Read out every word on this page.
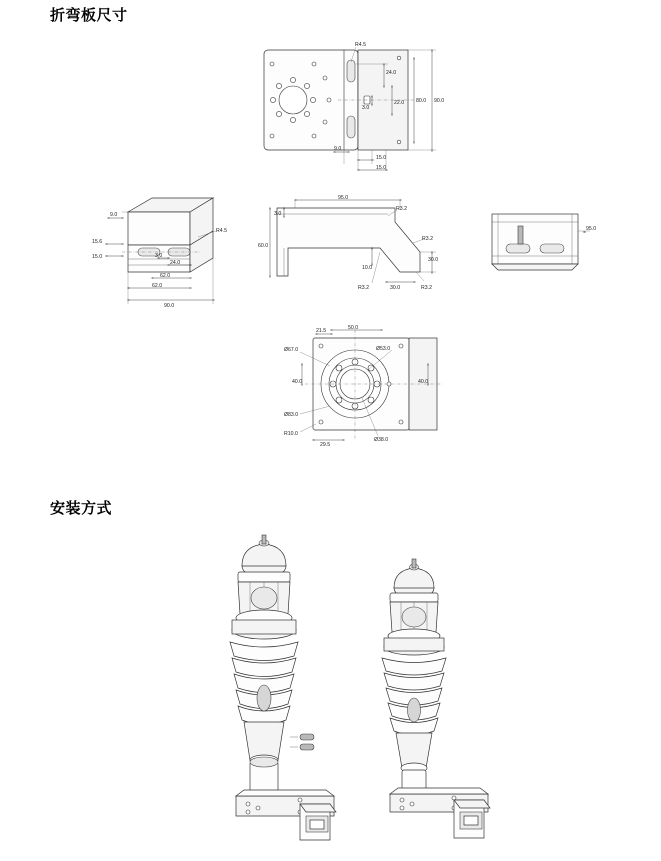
折弯板尺寸
安装方式
R4.5
24.0
3.0
22.0 80.0 90.0
9.0
15.0
15.0
9.0
R4.5
15.6
15.0	3.0
24.0
62.0
62.0
90.0
95.0
R3.2
3.0
R3.2
60.0
10.0
30.0
R3.2	30.0	R3.2
95.0
21.5	50.0
Ø53.0
Ø67.0
40.0	40.0
Ø83.0
R10.0
29.5
Ø38.0
